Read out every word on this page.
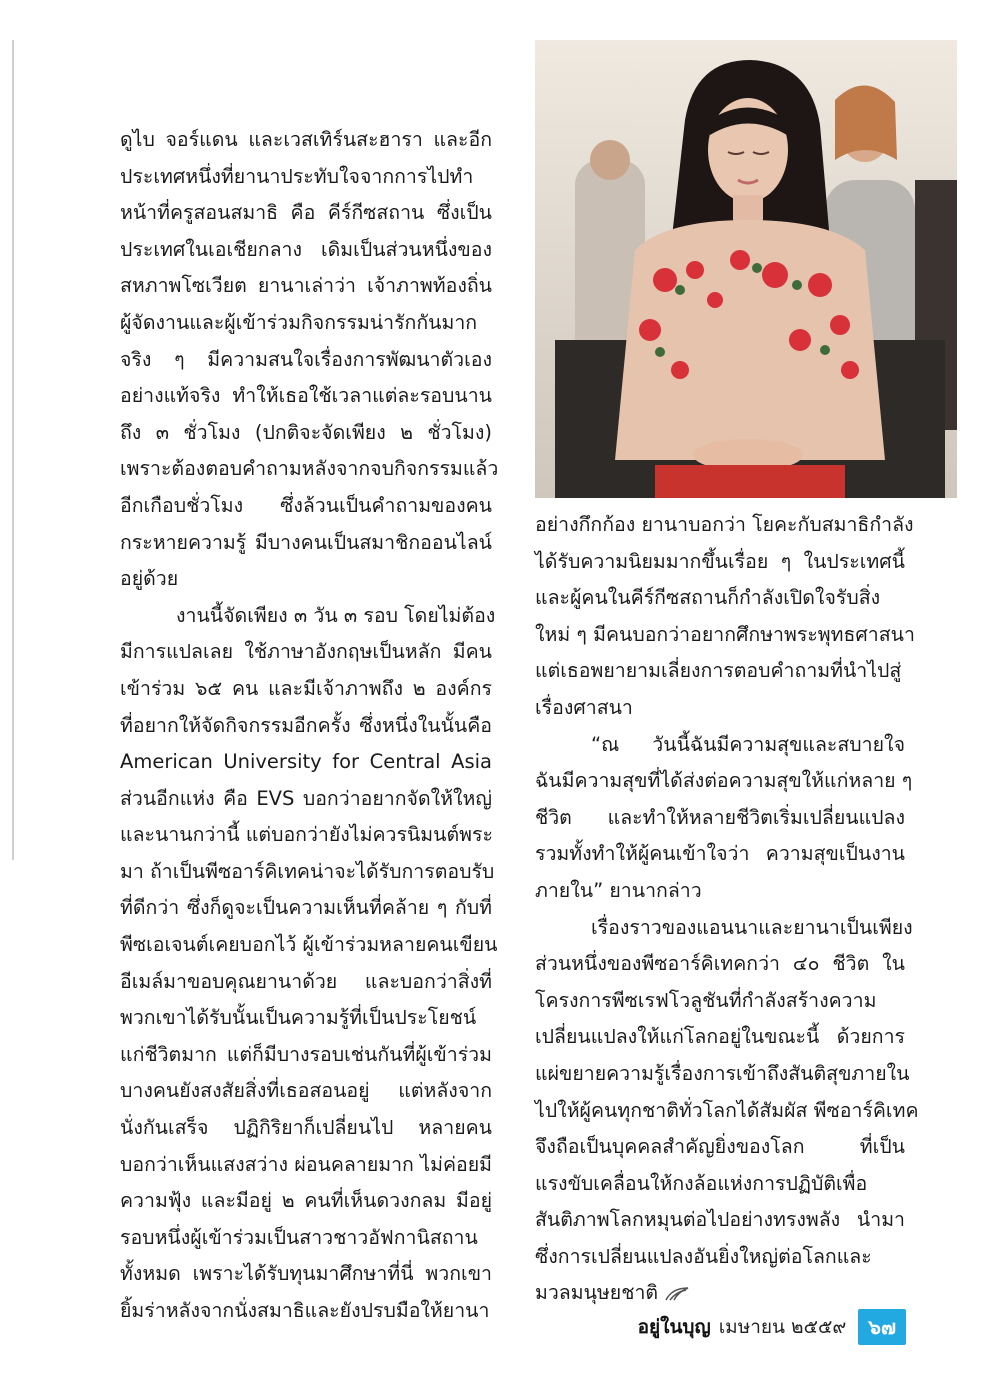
ดูไบ จอร์แดน และเวสเทิร์นสะฮารา และอีก
ประเทศหนึ่งที่ยานาประทับใจจากการไปทำ
หน้าที่ครูสอนสมาธิ คือ คีร์กีซสถาน ซึ่งเป็น
ประเทศในเอเชียกลาง เดิมเป็นส่วนหนึ่งของ
สหภาพโซเวียต ยานาเล่าว่า เจ้าภาพท้องถิ่น
ผู้จัดงานและผู้เข้าร่วมกิจกรรมน่ารักกันมาก
จริง ๆ มีความสนใจเรื่องการพัฒนาตัวเอง
อย่างแท้จริง ทำให้เธอใช้เวลาแต่ละรอบนาน
ถึง ๓ ชั่วโมง (ปกติจะจัดเพียง ๒ ชั่วโมง)
เพราะต้องตอบคำถามหลังจากจบกิจกรรมแล้ว
อีกเกือบชั่วโมง ซึ่งล้วนเป็นคำถามของคน
กระหายความรู้ มีบางคนเป็นสมาชิกออนไลน์
อยู่ด้วย

งานนี้จัดเพียง ๓ วัน ๓ รอบ โดยไม่ต้อง
มีการแปลเลย ใช้ภาษาอังกฤษเป็นหลัก มีคน
เข้าร่วม ๖๕ คน และมีเจ้าภาพถึง ๒ องค์กร
ที่อยากให้จัดกิจกรรมอีกครั้ง ซึ่งหนึ่งในนั้นคือ
American University for Central Asia
ส่วนอีกแห่ง คือ EVS บอกว่าอยากจัดให้ใหญ่
และนานกว่านี้ แต่บอกว่ายังไม่ควรนิมนต์พระ
มา ถ้าเป็นพีซอาร์คิเทคน่าจะได้รับการตอบรับ
ที่ดีกว่า ซึ่งก็ดูจะเป็นความเห็นที่คล้าย ๆ กับที่
พีซเอเจนต์เคยบอกไว้ ผู้เข้าร่วมหลายคนเขียน
อีเมล์มาขอบคุณยานาด้วย และบอกว่าสิ่งที่
พวกเขาได้รับนั้นเป็นความรู้ที่เป็นประโยชน์
แก่ชีวิตมาก แต่ก็มีบางรอบเช่นกันที่ผู้เข้าร่วม
บางคนยังสงสัยสิ่งที่เธอสอนอยู่ แต่หลังจาก
นั่งกันเสร็จ ปฏิกิริยาก็เปลี่ยนไป หลายคน
บอกว่าเห็นแสงสว่าง ผ่อนคลายมาก ไม่ค่อยมี
ความฟุ้ง และมีอยู่ ๒ คนที่เห็นดวงกลม มีอยู่
รอบหนึ่งผู้เข้าร่วมเป็นสาวชาวอัฟกานิสถาน
ทั้งหมด เพราะได้รับทุนมาศึกษาที่นี่ พวกเขา
ยิ้มร่าหลังจากนั่งสมาธิและยังปรบมือให้ยานา

อย่างกึกก้อง ยานาบอกว่า โยคะกับสมาธิกำลัง
ได้รับความนิยมมากขึ้นเรื่อย ๆ ในประเทศนี้
และผู้คนในคีร์กีซสถานก็กำลังเปิดใจรับสิ่ง
ใหม่ ๆ มีคนบอกว่าอยากศึกษาพระพุทธศาสนา
แต่เธอพยายามเลี่ยงการตอบคำถามที่นำไปสู่
เรื่องศาสนา

“ณ วันนี้ฉันมีความสุขและสบายใจ
ฉันมีความสุขที่ได้ส่งต่อความสุขให้แก่หลาย ๆ
ชีวิต และทำให้หลายชีวิตเริ่มเปลี่ยนแปลง
รวมทั้งทำให้ผู้คนเข้าใจว่า ความสุขเป็นงาน
ภายใน” ยานากล่าว

เรื่องราวของแอนนาและยานาเป็นเพียง
ส่วนหนึ่งของพีซอาร์คิเทคกว่า ๔๐ ชีวิต ใน
โครงการพีซเรฟโวลูชันที่กำลังสร้างความ
เปลี่ยนแปลงให้แก่โลกอยู่ในขณะนี้ ด้วยการ
แผ่ขยายความรู้เรื่องการเข้าถึงสันติสุขภายใน
ไปให้ผู้คนทุกชาติทั่วโลกได้สัมผัส พีซอาร์คิเทค
จึงถือเป็นบุคคลสำคัญยิ่งของโลก ที่เป็น
แรงขับเคลื่อนให้กงล้อแห่งการปฏิบัติเพื่อ
สันติภาพโลกหมุนต่อไปอย่างทรงพลัง นำมา
ซึ่งการเปลี่ยนแปลงอันยิ่งใหญ่ต่อโลกและ
มวลมนุษยชาติ

อยู่ในบุญ เมษายน ๒๕๕๙	๖๗
